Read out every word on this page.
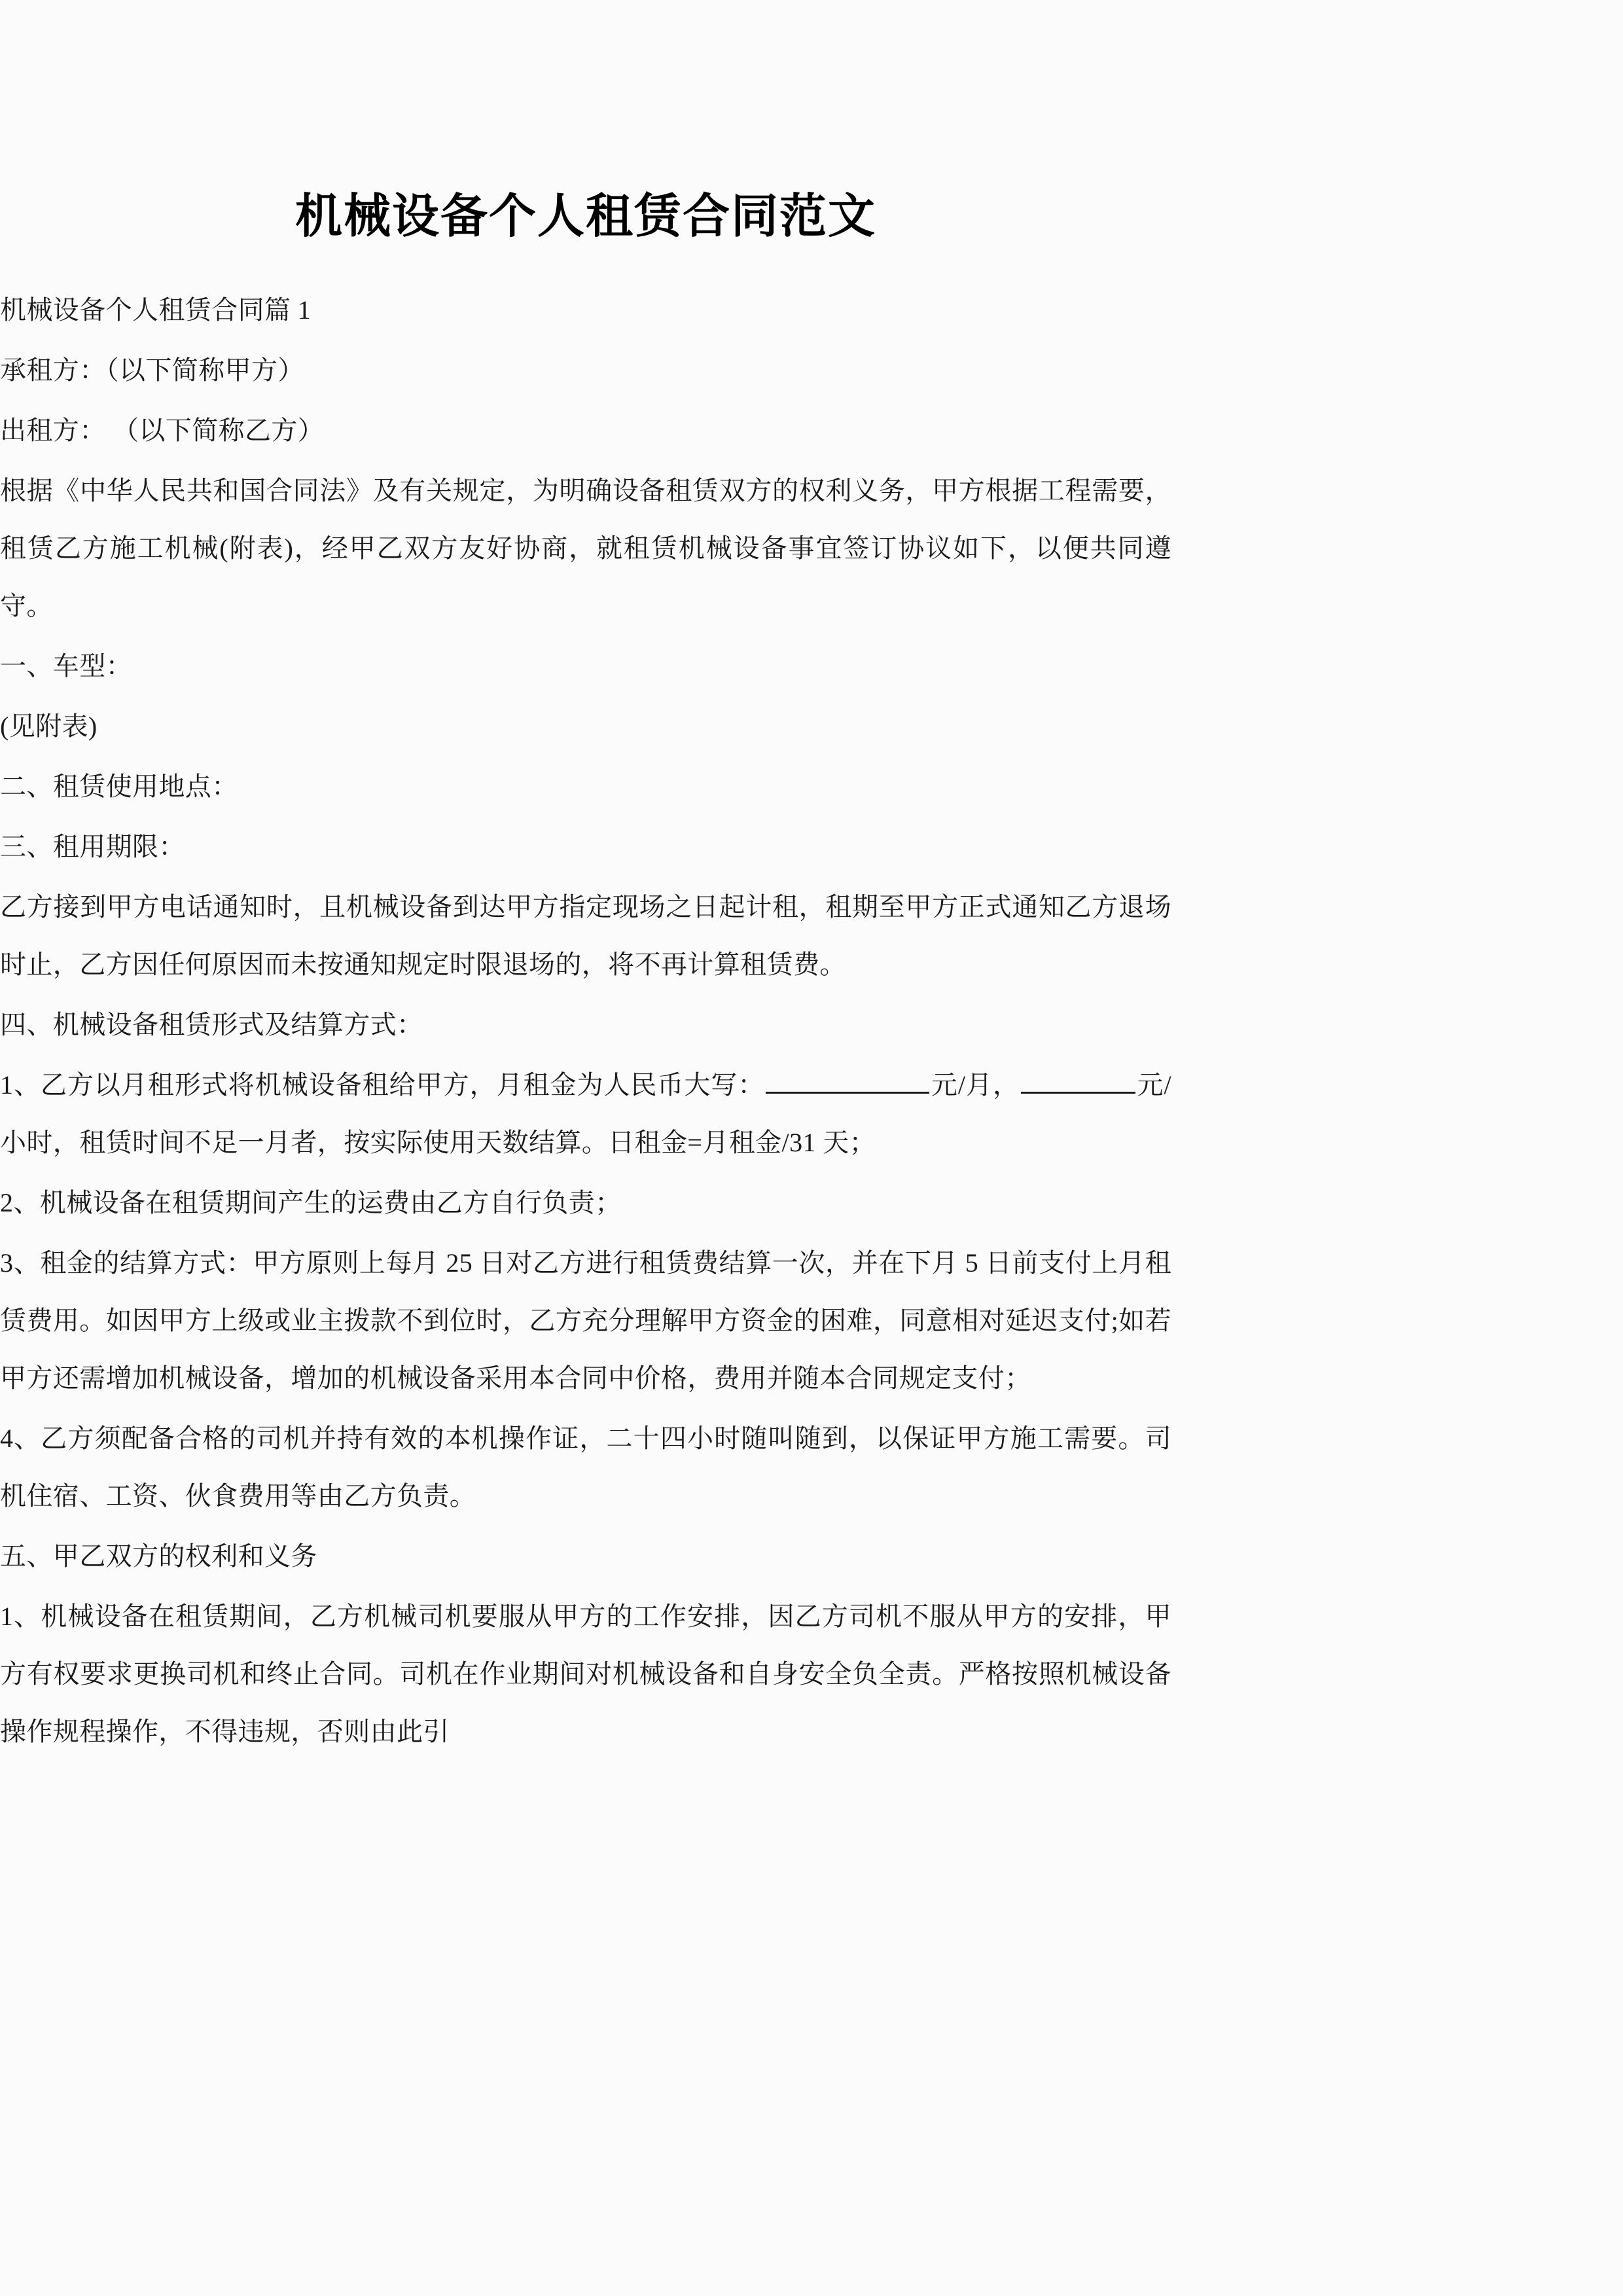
机械设备个人租赁合同范文

机械设备个人租赁合同篇 1

承租方：（以下简称甲方）

出租方： （以下简称乙方）

根据《中华人民共和国合同法》及有关规定，为明确设备租赁双方的权利义务，甲方根据工程需要，租赁乙方施工机械(附表)，经甲乙双方友好协商，就租赁机械设备事宜签订协议如下，以便共同遵守。

一、车型：

(见附表)

二、租赁使用地点：

三、租用期限：

乙方接到甲方电话通知时，且机械设备到达甲方指定现场之日起计租，租期至甲方正式通知乙方退场时止，乙方因任何原因而未按通知规定时限退场的，将不再计算租赁费。

四、机械设备租赁形式及结算方式：

1、乙方以月租形式将机械设备租给甲方，月租金为人民币大写：	元/月，	元/小时，租赁时间不足一月者，按实际使用天数结算。日租金=月租金/31 天；

2、机械设备在租赁期间产生的运费由乙方自行负责；

3、租金的结算方式：甲方原则上每月 25 日对乙方进行租赁费结算一次，并在下月 5 日前支付上月租赁费用。如因甲方上级或业主拨款不到位时，乙方充分理解甲方资金的困难，同意相对延迟支付;如若甲方还需增加机械设备，增加的机械设备采用本合同中价格，费用并随本合同规定支付；

4、乙方须配备合格的司机并持有效的本机操作证，二十四小时随叫随到，以保证甲方施工需要。司机住宿、工资、伙食费用等由乙方负责。

五、甲乙双方的权利和义务

1、机械设备在租赁期间，乙方机械司机要服从甲方的工作安排，因乙方司机不服从甲方的安排，甲方有权要求更换司机和终止合同。司机在作业期间对机械设备和自身安全负全责。严格按照机械设备操作规程操作，不得违规，否则由此引
